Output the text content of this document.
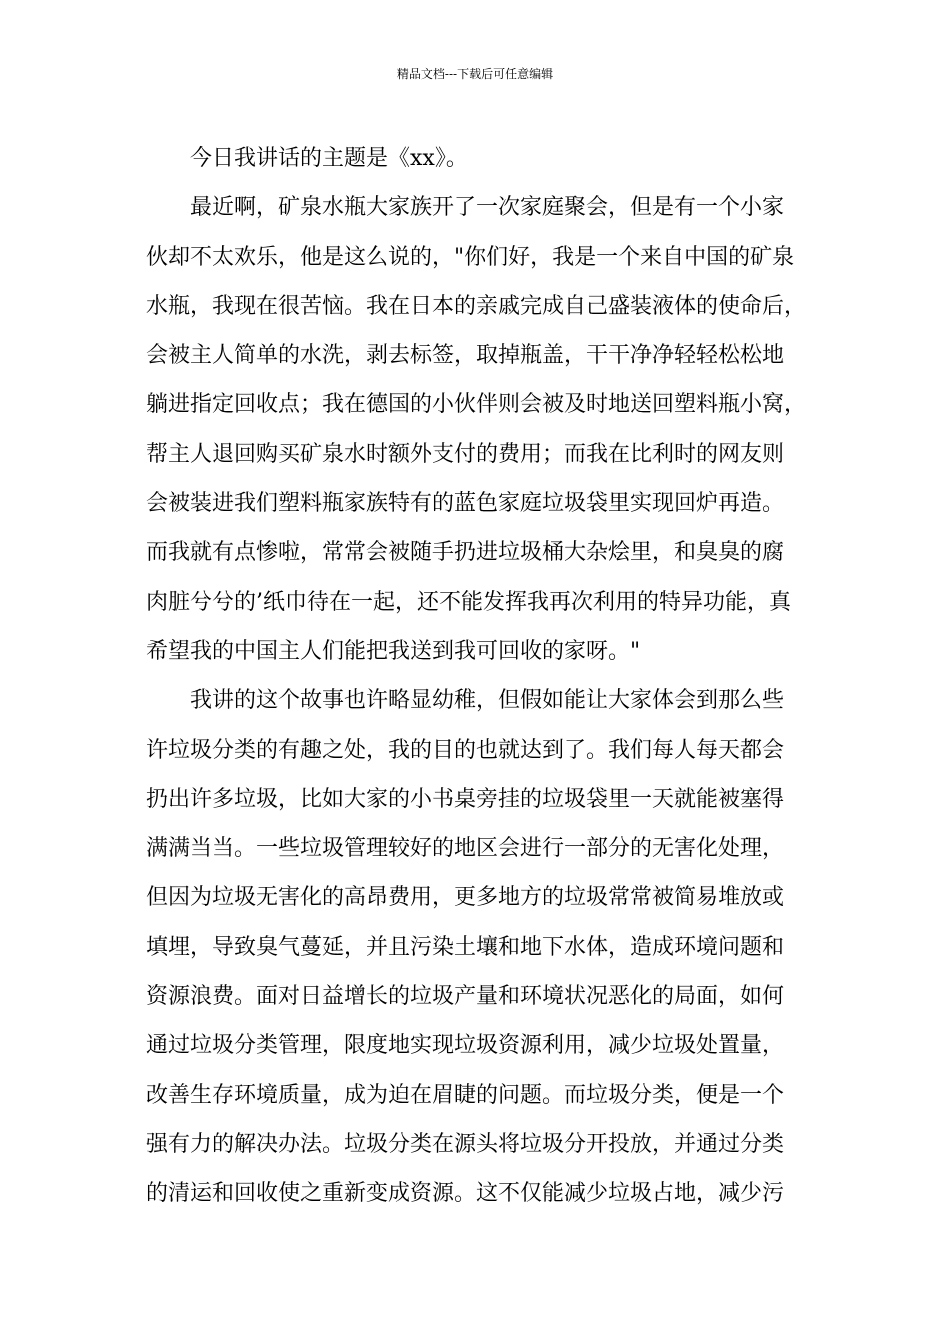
精品文档---下载后可任意编辑
今日我讲话的主题是《xx》。
最近啊，矿泉水瓶大家族开了一次家庭聚会，但是有一个小家
伙却不太欢乐，他是这么说的，"你们好，我是一个来自中国的矿泉
水瓶，我现在很苦恼。我在日本的亲戚完成自己盛装液体的使命后，
会被主人简单的水洗，剥去标签，取掉瓶盖，干干净净轻轻松松地
躺进指定回收点；我在德国的小伙伴则会被及时地送回塑料瓶小窝，
帮主人退回购买矿泉水时额外支付的费用；而我在比利时的网友则
会被装进我们塑料瓶家族特有的蓝色家庭垃圾袋里实现回炉再造。
而我就有点惨啦，常常会被随手扔进垃圾桶大杂烩里，和臭臭的腐
肉脏兮兮的’纸巾待在一起，还不能发挥我再次利用的特异功能，真
希望我的中国主人们能把我送到我可回收的家呀。"
我讲的这个故事也许略显幼稚，但假如能让大家体会到那么些
许垃圾分类的有趣之处，我的目的也就达到了。我们每人每天都会
扔出许多垃圾，比如大家的小书桌旁挂的垃圾袋里一天就能被塞得
满满当当。一些垃圾管理较好的地区会进行一部分的无害化处理，
但因为垃圾无害化的高昂费用，更多地方的垃圾常常被简易堆放或
填埋，导致臭气蔓延，并且污染土壤和地下水体，造成环境问题和
资源浪费。面对日益增长的垃圾产量和环境状况恶化的局面，如何
通过垃圾分类管理，限度地实现垃圾资源利用，减少垃圾处置量，
改善生存环境质量，成为迫在眉睫的问题。而垃圾分类，便是一个
强有力的解决办法。垃圾分类在源头将垃圾分开投放，并通过分类
的清运和回收使之重新变成资源。这不仅能减少垃圾占地，减少污
